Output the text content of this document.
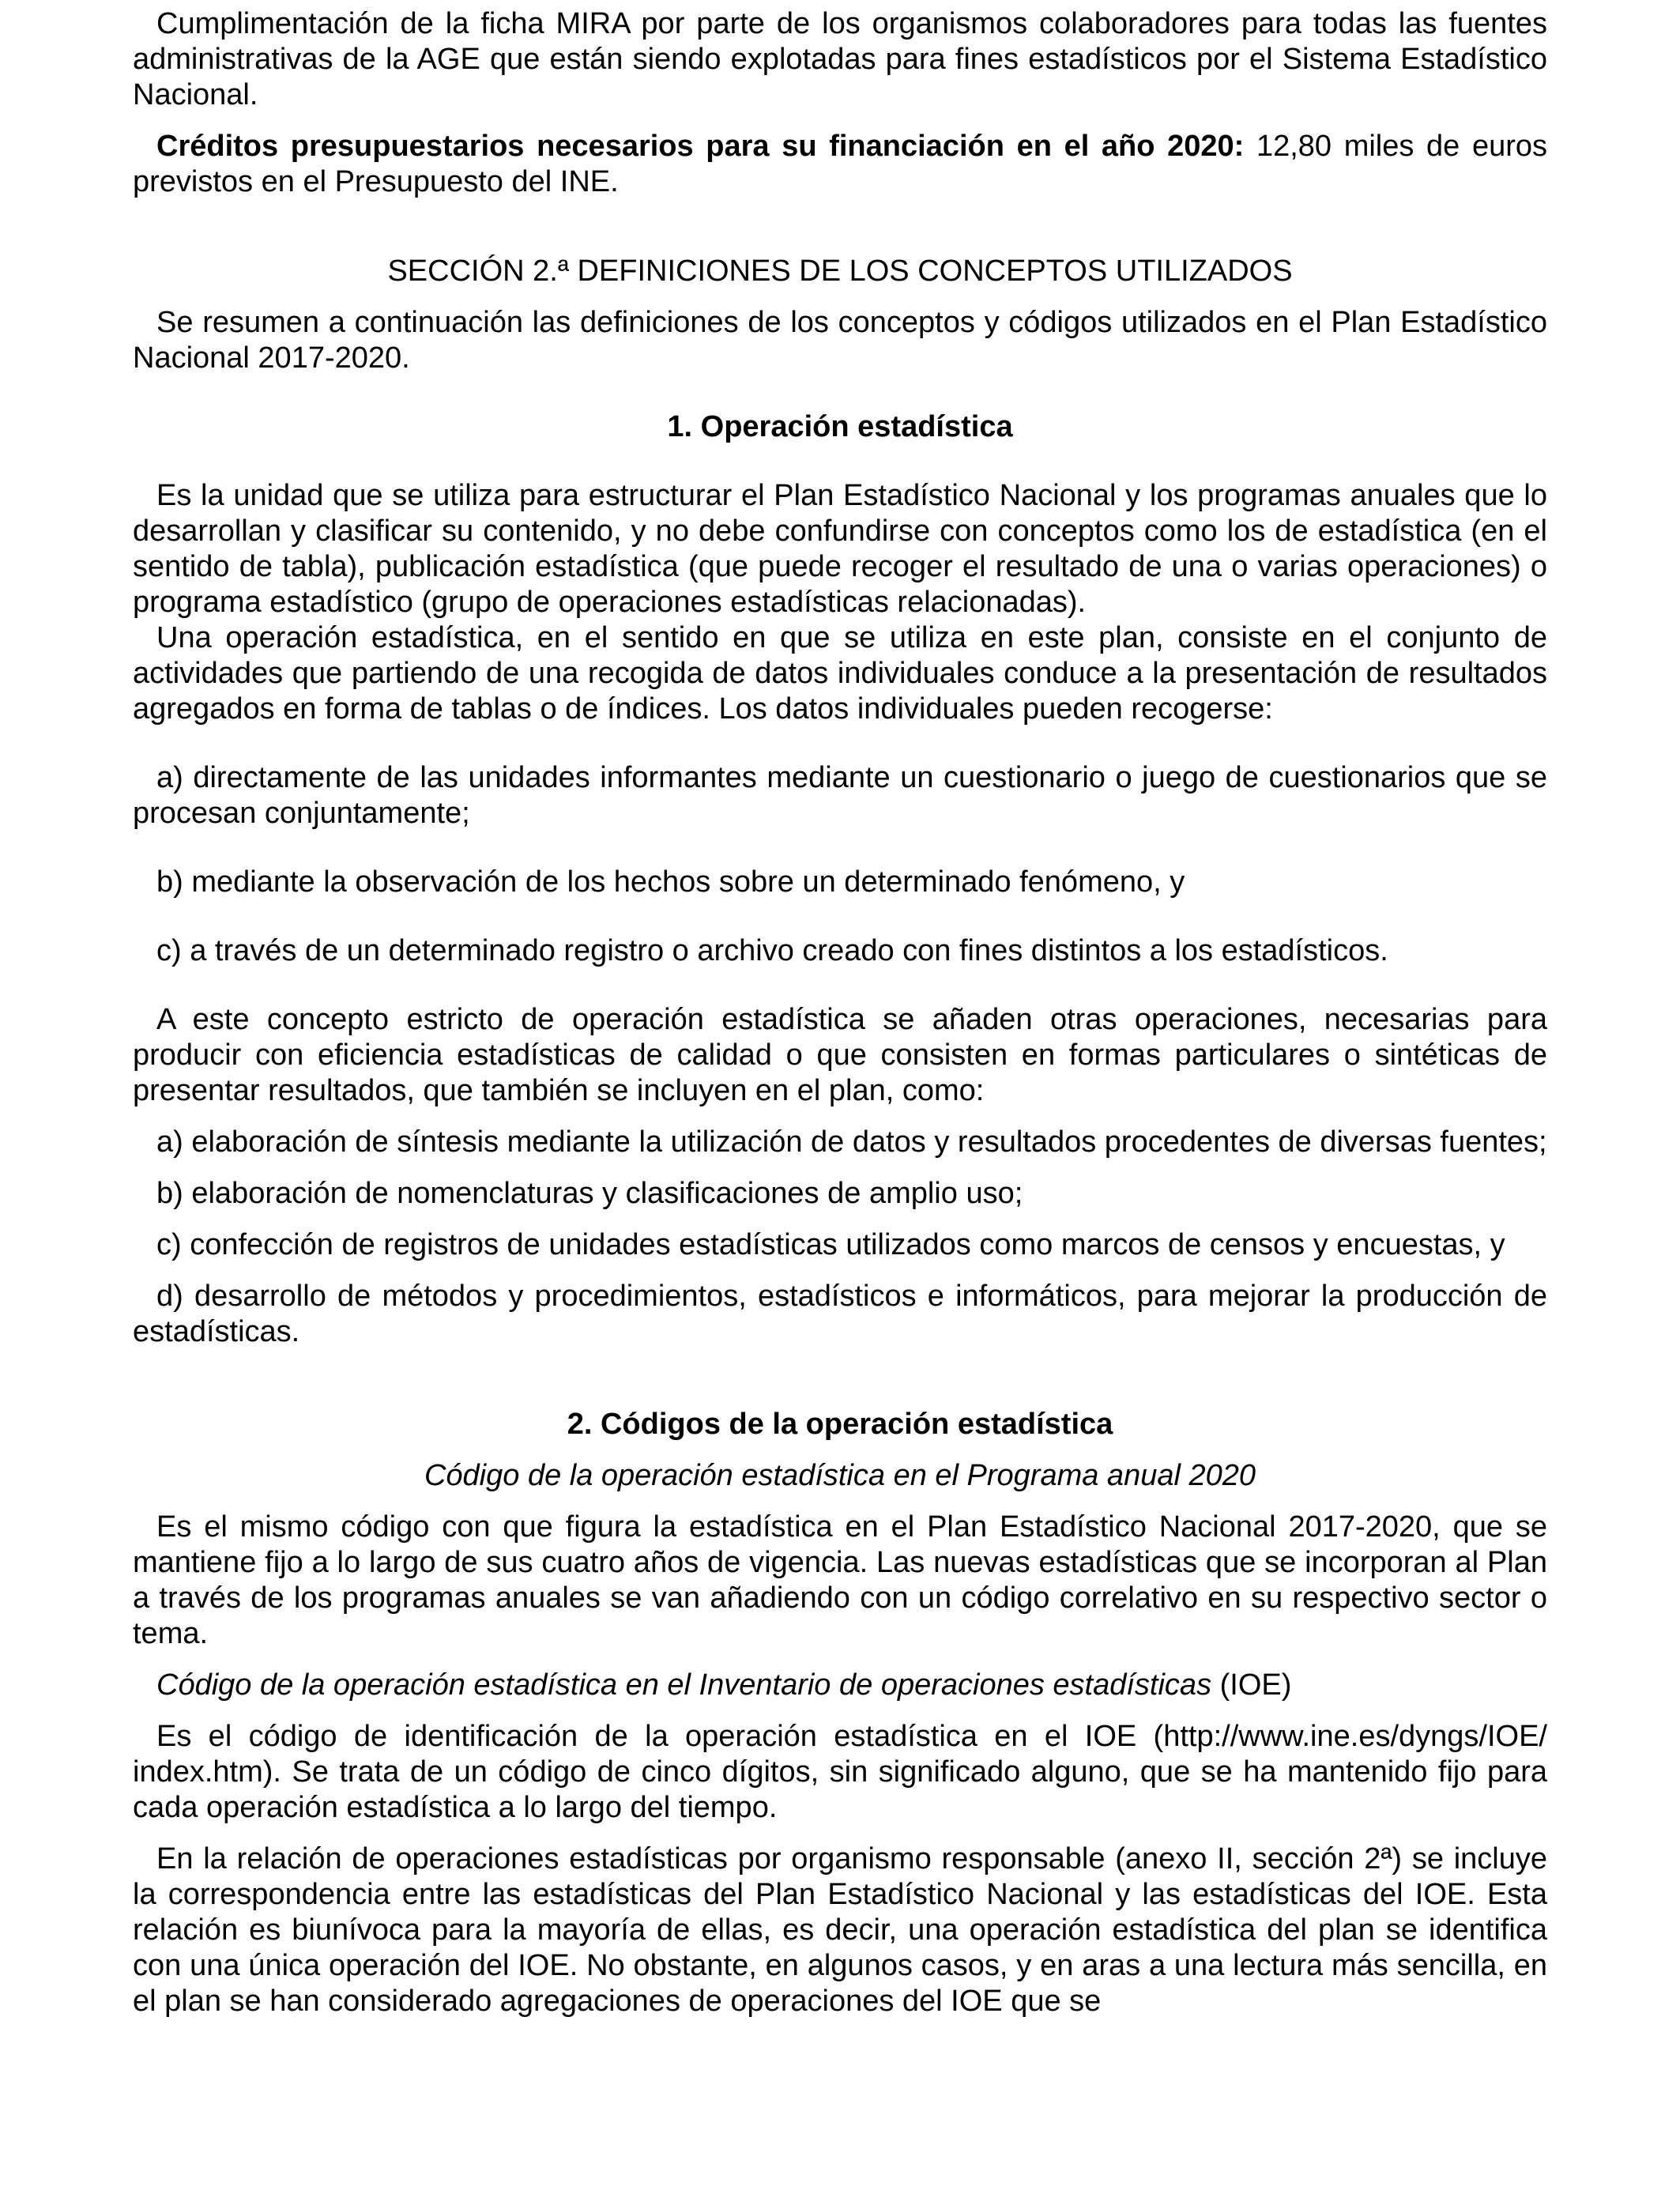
Cumplimentación de la ficha MIRA por parte de los organismos colaboradores para todas las fuentes administrativas de la AGE que están siendo explotadas para fines estadísticos por el Sistema Estadístico Nacional.

Créditos presupuestarios necesarios para su financiación en el año 2020: 12,80 miles de euros previstos en el Presupuesto del INE.

SECCIÓN 2.ª DEFINICIONES DE LOS CONCEPTOS UTILIZADOS

Se resumen a continuación las definiciones de los conceptos y códigos utilizados en el Plan Estadístico Nacional 2017-2020.

1. Operación estadística

Es la unidad que se utiliza para estructurar el Plan Estadístico Nacional y los programas anuales que lo desarrollan y clasificar su contenido, y no debe confundirse con conceptos como los de estadística (en el sentido de tabla), publicación estadística (que puede recoger el resultado de una o varias operaciones) o programa estadístico (grupo de operaciones estadísticas relacionadas).

Una operación estadística, en el sentido en que se utiliza en este plan, consiste en el conjunto de actividades que partiendo de una recogida de datos individuales conduce a la presentación de resultados agregados en forma de tablas o de índices. Los datos individuales pueden recogerse:

a) directamente de las unidades informantes mediante un cuestionario o juego de cuestionarios que se procesan conjuntamente;

b) mediante la observación de los hechos sobre un determinado fenómeno, y

c) a través de un determinado registro o archivo creado con fines distintos a los estadísticos.

A este concepto estricto de operación estadística se añaden otras operaciones, necesarias para producir con eficiencia estadísticas de calidad o que consisten en formas particulares o sintéticas de presentar resultados, que también se incluyen en el plan, como:

a) elaboración de síntesis mediante la utilización de datos y resultados procedentes de diversas fuentes;

b) elaboración de nomenclaturas y clasificaciones de amplio uso;

c) confección de registros de unidades estadísticas utilizados como marcos de censos y encuestas, y

d) desarrollo de métodos y procedimientos, estadísticos e informáticos, para mejorar la producción de estadísticas.

2. Códigos de la operación estadística

Código de la operación estadística en el Programa anual 2020

Es el mismo código con que figura la estadística en el Plan Estadístico Nacional 2017-2020, que se mantiene fijo a lo largo de sus cuatro años de vigencia. Las nuevas estadísticas que se incorporan al Plan a través de los programas anuales se van añadiendo con un código correlativo en su respectivo sector o tema.

Código de la operación estadística en el Inventario de operaciones estadísticas (IOE)

Es el código de identificación de la operación estadística en el IOE (http://www.ine.es/dyngs/IOE/ index.htm). Se trata de un código de cinco dígitos, sin significado alguno, que se ha mantenido fijo para cada operación estadística a lo largo del tiempo.

En la relación de operaciones estadísticas por organismo responsable (anexo II, sección 2ª) se incluye la correspondencia entre las estadísticas del Plan Estadístico Nacional y las estadísticas del IOE. Esta relación es biunívoca para la mayoría de ellas, es decir, una operación estadística del plan se identifica con una única operación del IOE. No obstante, en algunos casos, y en aras a una lectura más sencilla, en el plan se han considerado agregaciones de operaciones del IOE que se
